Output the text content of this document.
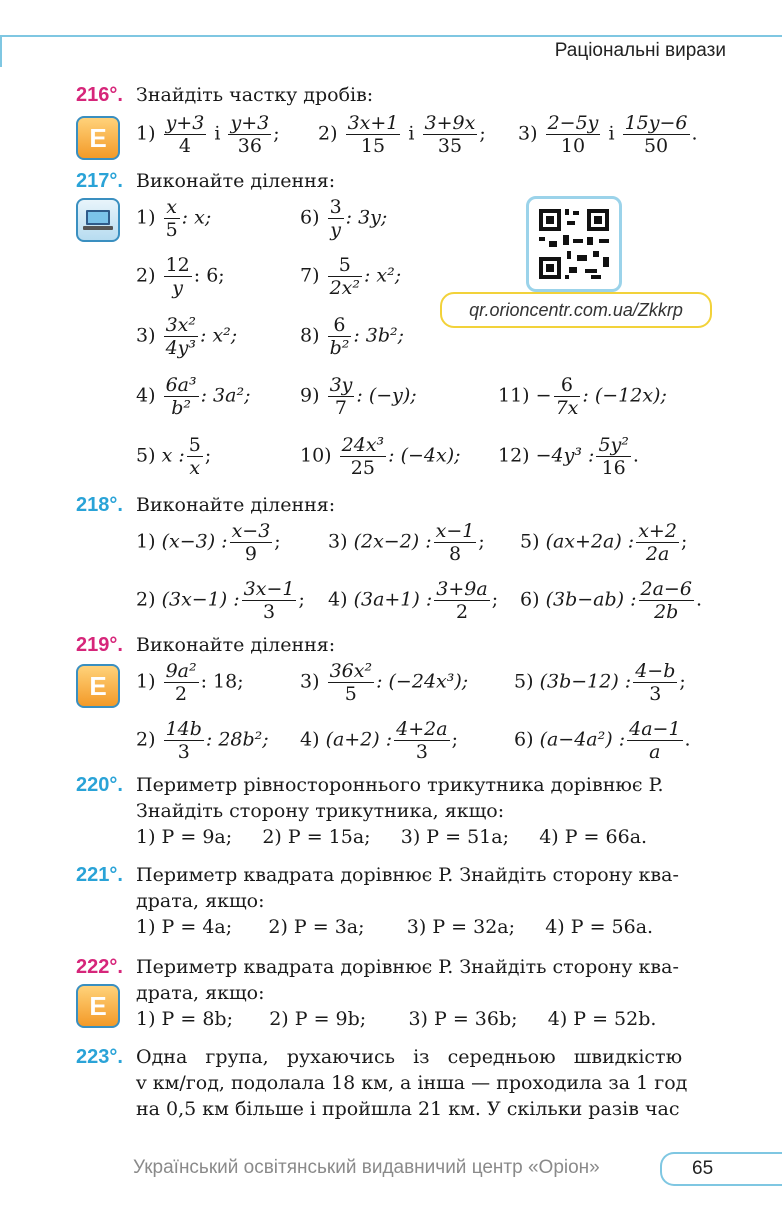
Раціональні вирази
216°. Знайдіть частку дробів:
E $1) \frac{y+3}{4}$ і $\frac{y+3}{36}$ ; $2) \frac{3x+1}{15}$ і $\frac{3+9x}{35}$ ; $3) \frac{2-5y}{10}$ і $\frac{15y-6}{50}$ .
217°. Виконайте ділення:
$1) \frac{x}{5}$ : x;
$2) \frac{12}{y}$ : 6;
$3) \frac{\text{3x²}}{\text{4y³}}$ : x²;
$4) \frac{\text{6a³}}{\text{b²}}$ : 3a²;
5) x : $\frac{5}{x}$ ;
$6) \frac{3}{y}$ : 3y;
$7) \frac{5}{\text{2x²}}$ : x²;
$8) \frac{6}{\text{b²}}$ : 3b²;
$9) \frac{3y}{7}$ : (−y);
$10) \frac{\text{24x³}}{25}$ : (−4x);
$11) - \frac{6}{7x}$ : (−12x);
12) −4y³ : $\frac{\text{5y²}}{16}$ .
qr.orioncentr.com.ua/Zkkrp
218°. Виконайте ділення:
1) (x−3) : $\frac{x-3}{9}$ ;
2) (3x−1) : $\frac{3x-1}{3}$ ;
3) (2x−2) : $\frac{x-1}{8}$ ;
4) (3a+1) : $\frac{3+9a}{2}$ ;
5) (ax+2a) : $\frac{x+2}{2a}$ ;
6) (3b−ab) : $\frac{2a-6}{2b}$ .
219°. Виконайте ділення:
E $1) \frac{\text{9a²}}{2}$ : 18;
$2) \frac{14b}{3}$ : 28b²;
$3) \frac{\text{36x²}}{5}$ : (−24x³);
4) (a+2) : $\frac{4+2a}{3}$ ;
5) (3b−12) : $\frac{4-b}{3}$ ;
6) (a−4a²) : $\frac{4a-1}{a}$ .
220°. Периметр рівностороннього трикутника дорівнює P.
Знайдіть сторону трикутника, якщо:
1) P = 9a;     2) P = 15a;     3) P = 51a;     4) P = 66a.
221°. Периметр квадрата дорівнює P. Знайдіть сторону ква-
драта, якщо:
1) P = 4a;      2) P = 3a;       3) P = 32a;     4) P = 56a.
222°. Периметр квадрата дорівнює P. Знайдіть сторону ква-
E драта, якщо:
1) P = 8b;      2) P = 9b;       3) P = 36b;     4) P = 52b.
223°. Одна   група,   рухаючись   із   середньою   швидкістю
v км/год, подолала 18 км, а інша — проходила за 1 год
на 0,5 км більше і пройшла 21 км. У скільки разів час
Український освітянський видавничий центр «Оріон»	65
